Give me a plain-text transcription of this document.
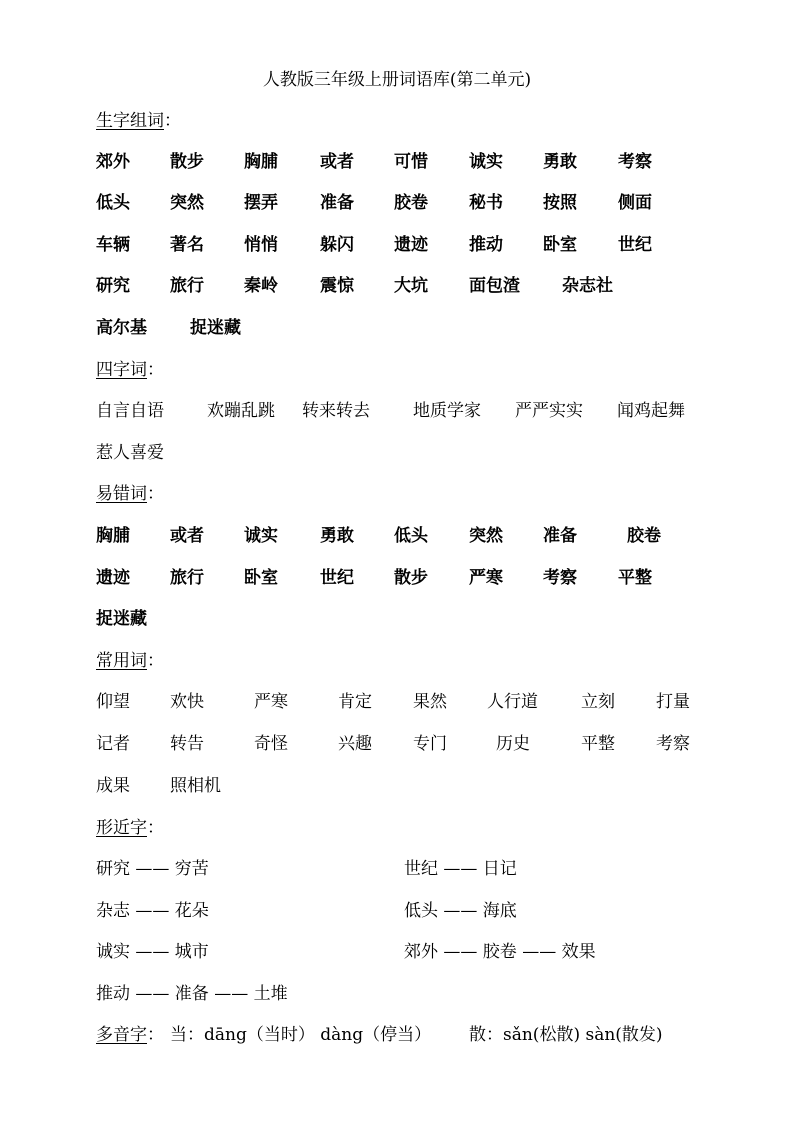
人教版三年级上册词语库(第二单元)
生字组词：
郊外 散步 胸脯 或者 可惜 诚实 勇敢 考察
低头 突然 摆弄 准备 胶卷 秘书 按照 侧面
车辆 著名 悄悄 躲闪 遗迹 推动 卧室 世纪
研究 旅行 秦岭 震惊 大坑 面包渣 杂志社
高尔基	捉迷藏
四字词：
自言自语	欢蹦乱跳 转来转去	地质学家 严严实实 闻鸡起舞
惹人喜爱
易错词：
胸脯 或者 诚实 勇敢 低头 突然 准备	胶卷
遗迹 旅行 卧室 世纪 散步 严寒 考察 平整
捉迷藏
常用词：
仰望 欢快	严寒	肯定 果然 人行道	立刻 打量
记者 转告	奇怪	兴趣 专门	历史	平整 考察
成果 照相机
形近字：
研究 —— 穷苦	世纪 —— 日记
杂志 —— 花朵	低头 —— 海底
诚实 —— 城市	郊外 —— 胶卷 —— 效果
推动 —— 准备 —— 土堆
多音字： 当：dāng（当时） dàng（停当） 散：sǎn(松散) sàn(散发)
